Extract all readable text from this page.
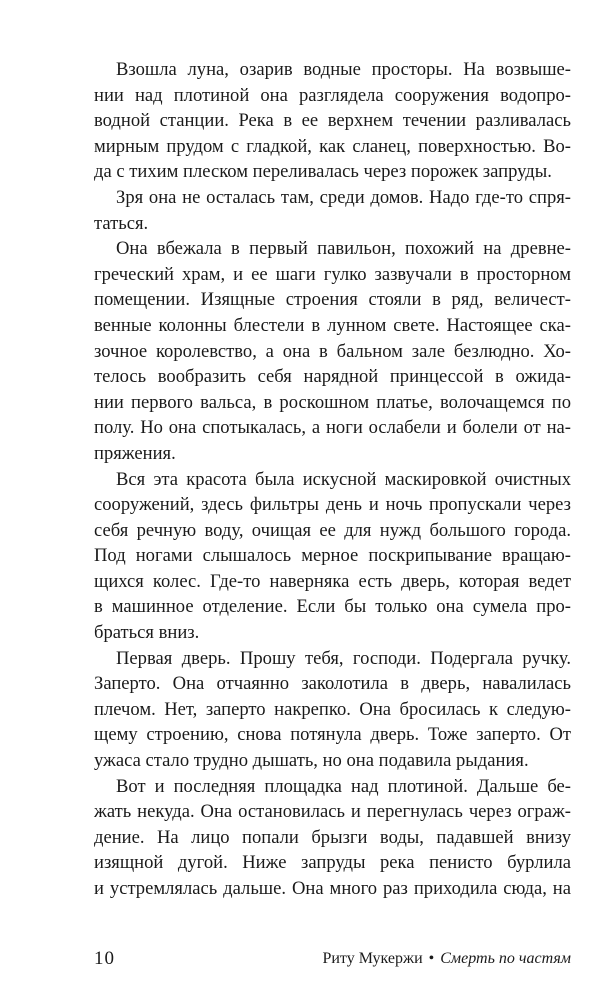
Взошла луна, озарив водные просторы. На возвыше-
нии над плотиной она разглядела сооружения водопро-
водной станции. Река в ее верхнем течении разливалась
мирным прудом с гладкой, как сланец, поверхностью. Во-
да с тихим плеском переливалась через порожек запруды.
Зря она не осталась там, среди домов. Надо где-то спря-
таться.
Она вбежала в первый павильон, похожий на древне-
греческий храм, и ее шаги гулко зазвучали в просторном
помещении. Изящные строения стояли в ряд, величест-
венные колонны блестели в лунном свете. Настоящее ска-
зочное королевство, а она в бальном зале безлюдно. Хо-
телось вообразить себя нарядной принцессой в ожида-
нии первого вальса, в роскошном платье, волочащемся по
полу. Но она спотыкалась, а ноги ослабели и болели от на-
пряжения.
Вся эта красота была искусной маскировкой очистных
сооружений, здесь фильтры день и ночь пропускали через
себя речную воду, очищая ее для нужд большого города.
Под ногами слышалось мерное поскрипывание вращаю-
щихся колес. Где-то наверняка есть дверь, которая ведет
в машинное отделение. Если бы только она сумела про-
браться вниз.
Первая дверь. Прошу тебя, господи. Подергала ручку.
Заперто. Она отчаянно заколотила в дверь, навалилась
плечом. Нет, заперто накрепко. Она бросилась к следую-
щему строению, снова потянула дверь. Тоже заперто. От
ужаса стало трудно дышать, но она подавила рыдания.
Вот и последняя площадка над плотиной. Дальше бе-
жать некуда. Она остановилась и перегнулась через ограж-
дение. На лицо попали брызги воды, падавшей внизу
изящной дугой. Ниже запруды река пенисто бурлила
и устремлялась дальше. Она много раз приходила сюда, на
10	Риту Мукержи • Смерть по частям
